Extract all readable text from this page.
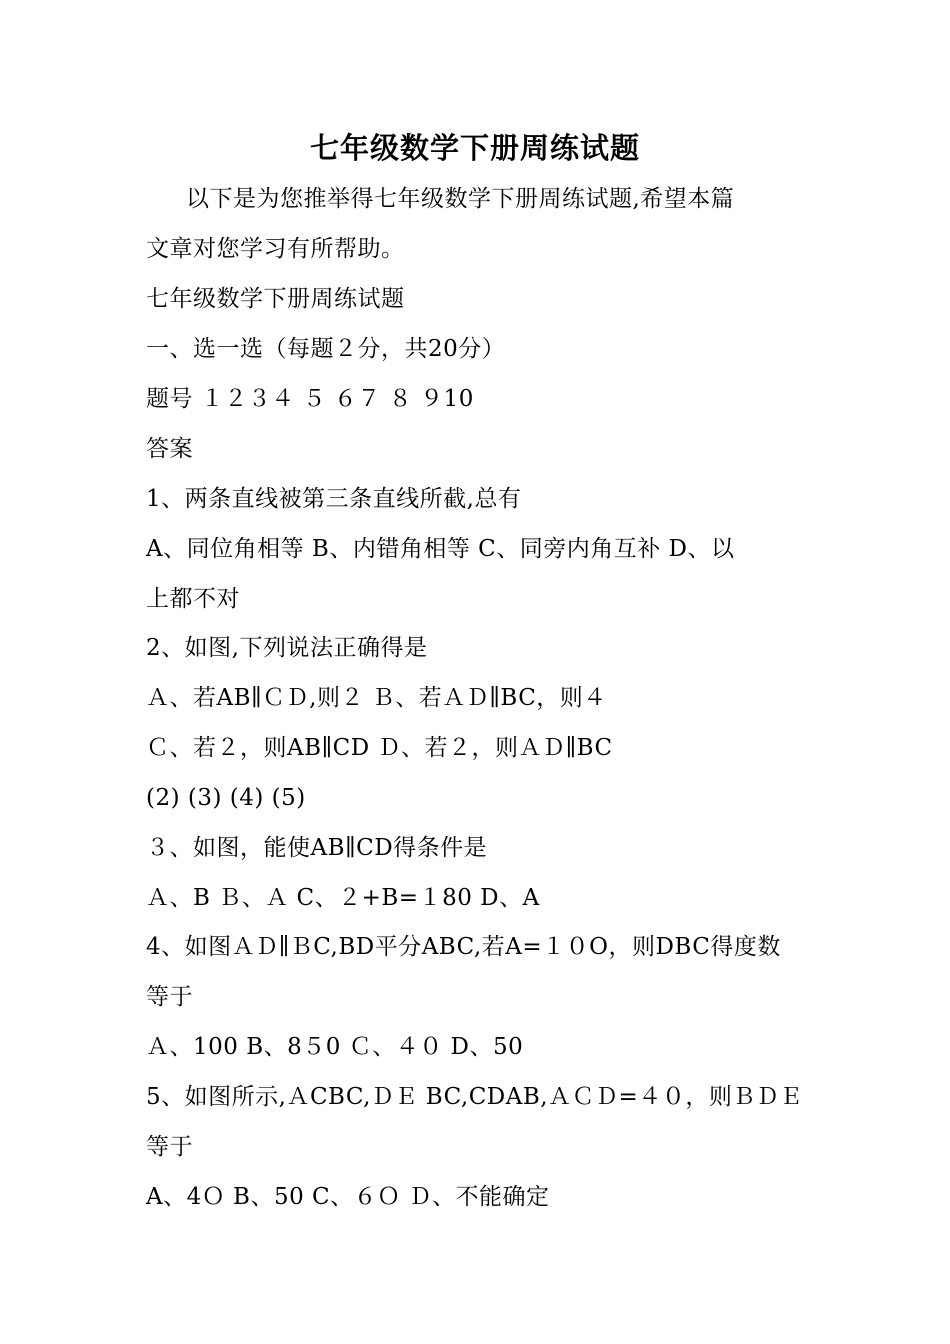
七年级数学下册周练试题
以下是为您推举得七年级数学下册周练试题,希望本篇
文章对您学习有所帮助。
七年级数学下册周练试题
一、选一选（每题２分，共20分）
题号 １２３４ ５ ６７ ８ ９10
答案
1、两条直线被第三条直线所截,总有
A、同位角相等 B、内错角相等 C、同旁内角互补 D、以
上都不对
2、如图,下列说法正确得是
Ａ、若AB∥ＣＤ,则２ Ｂ、若ＡＤ∥BC，则４
Ｃ、若２，则AB∥CD Ｄ、若２，则ＡＤ∥BC
(2) (3) (4) (5)
３、如图，能使AB∥CD得条件是
Ａ、B Ｂ、Ａ C、２+B=１80 D、A
4、如图ＡＤ∥ＢC,BD平分ABC,若A=１０O，则DBC得度数
等于
Ａ、100 B、8５0 Ｃ、４０ D、50
5、如图所示,ＡCBC,ＤＥ BC,CDAB,ＡＣＤ=４０，则ＢＤＥ
等于
A、4Ｏ B、50 C、６Ｏ Ｄ、不能确定
